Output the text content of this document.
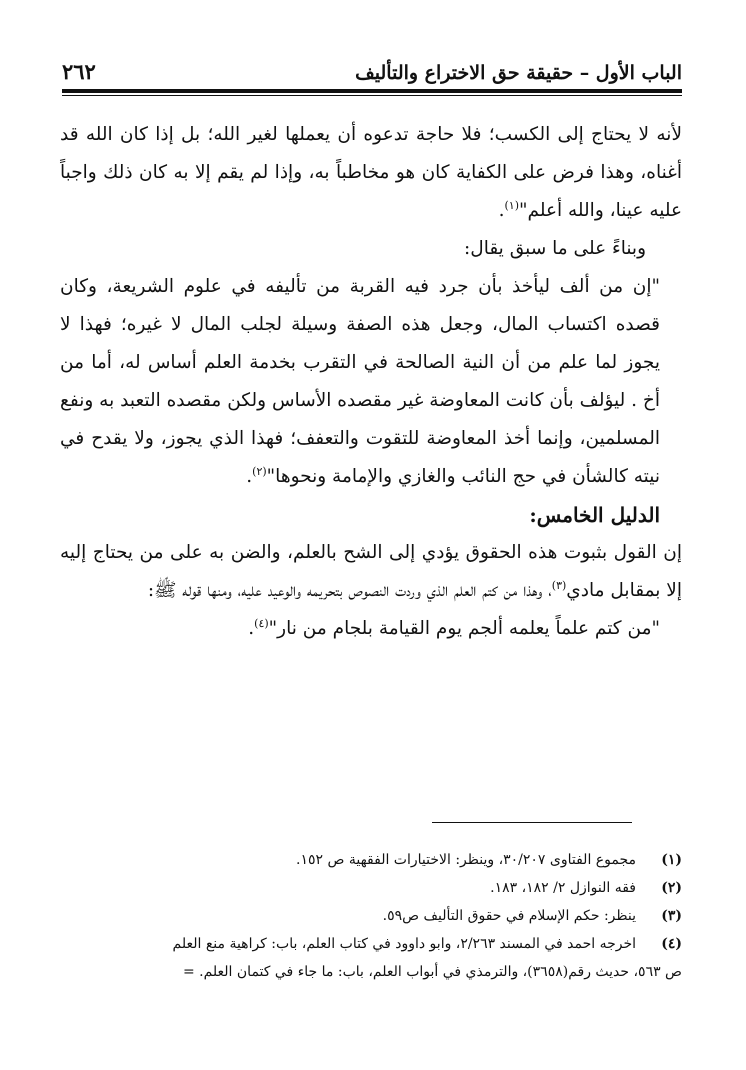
الباب الأول – حقيقة حق الاختراع والتأليف
٢٦٢

لأنه لا يحتاج إلى الكسب؛ فلا حاجة تدعوه أن يعملها لغير الله؛ بل إذا كان الله قد أغناه، وهذا فرض على الكفاية كان هو مخاطباً به، وإذا لم يقم إلا به كان ذلك واجباً عليه عينا، والله أعلم"$^{(١)}$.

وبناءً على ما سبق يقال:

"إن من ألف ليأخذ بأن جرد فيه القربة من تأليفه في علوم الشريعة، وكان قصده اكتساب المال، وجعل هذه الصفة وسيلة لجلب المال لا غيره؛ فهذا لا يجوز لما علم من أن النية الصالحة في التقرب بخدمة العلم أساس له، أما من أخ . ليؤلف بأن كانت المعاوضة غير مقصده الأساس ولكن مقصده التعبد به ونفع المسلمين، وإنما أخذ المعاوضة للتقوت والتعفف؛ فهذا الذي يجوز، ولا يقدح في نيته كالشأن في حج النائب والغازي والإمامة ونحوها"$^{(٢)}$.

الدليل الخامس:

إن القول بثبوت هذه الحقوق يؤدي إلى الشح بالعلم، والضن به على من يحتاج إليه إلا بمقابل مادي$^{(٣)}$، وهذا من كتم العلم الذي وردت النصوص بتحريمه والوعيد عليه، ومنها قوله ﷺ:

"من كتم علماً يعلمه ألجم يوم القيامة بلجام من نار"$^{(٤)}$.

(١)
مجموع الفتاوى ٣٠/٢٠٧، وينظر: الاختيارات الفقهية ص ١٥٢.
(٢)
فقه النوازل ٢/ ١٨٢، ١٨٣.
(٣)
ينظر: حكم الإسلام في حقوق التأليف ص٥٩.
(٤)
اخرجه احمد في المسند ٢/٢٦٣، وابو داوود في كتاب العلم، باب: كراهية منع العلم
ص ٥٦٣، حديث رقم(٣٦٥٨)، والترمذي في أبواب العلم، باب: ما جاء في كتمان العلم. =
